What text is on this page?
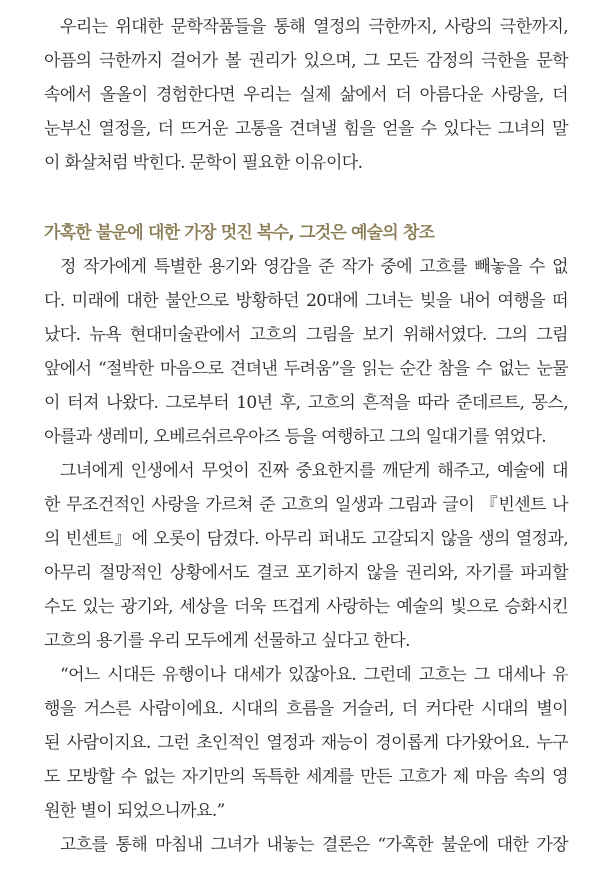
우리는 위대한 문학작품들을 통해 열정의 극한까지, 사랑의 극한까지,
아픔의 극한까지 걸어가 볼 권리가 있으며, 그 모든 감정의 극한을 문학
속에서 올올이 경험한다면 우리는 실제 삶에서 더 아름다운 사랑을, 더
눈부신 열정을, 더 뜨거운 고통을 견뎌낼 힘을 얻을 수 있다는 그녀의 말
이 화살처럼 박힌다. 문학이 필요한 이유이다.

가혹한 불운에 대한 가장 멋진 복수, 그것은 예술의 창조

정 작가에게 특별한 용기와 영감을 준 작가 중에 고흐를 빼놓을 수 없
다. 미래에 대한 불안으로 방황하던 20대에 그녀는 빚을 내어 여행을 떠
났다. 뉴욕 현대미술관에서 고흐의 그림을 보기 위해서였다. 그의 그림
앞에서 “절박한 마음으로 견뎌낸 두려움”을 읽는 순간 참을 수 없는 눈물
이 터져 나왔다. 그로부터 10년 후, 고흐의 흔적을 따라 준데르트, 몽스,
아를과 생레미, 오베르쉬르우아즈 등을 여행하고 그의 일대기를 엮었다.

그녀에게 인생에서 무엇이 진짜 중요한지를 깨닫게 해주고, 예술에 대
한 무조건적인 사랑을 가르쳐 준 고흐의 일생과 그림과 글이 『빈센트 나
의 빈센트』에 오롯이 담겼다. 아무리 퍼내도 고갈되지 않을 생의 열정과,
아무리 절망적인 상황에서도 결코 포기하지 않을 권리와, 자기를 파괴할
수도 있는 광기와, 세상을 더욱 뜨겁게 사랑하는 예술의 빛으로 승화시킨
고흐의 용기를 우리 모두에게 선물하고 싶다고 한다.

“어느 시대든 유행이나 대세가 있잖아요. 그런데 고흐는 그 대세나 유
행을 거스른 사람이에요. 시대의 흐름을 거슬러, 더 커다란 시대의 별이
된 사람이지요. 그런 초인적인 열정과 재능이 경이롭게 다가왔어요. 누구
도 모방할 수 없는 자기만의 독특한 세계를 만든 고흐가 제 마음 속의 영
원한 별이 되었으니까요.”

고흐를 통해 마침내 그녀가 내놓는 결론은 “가혹한 불운에 대한 가장
